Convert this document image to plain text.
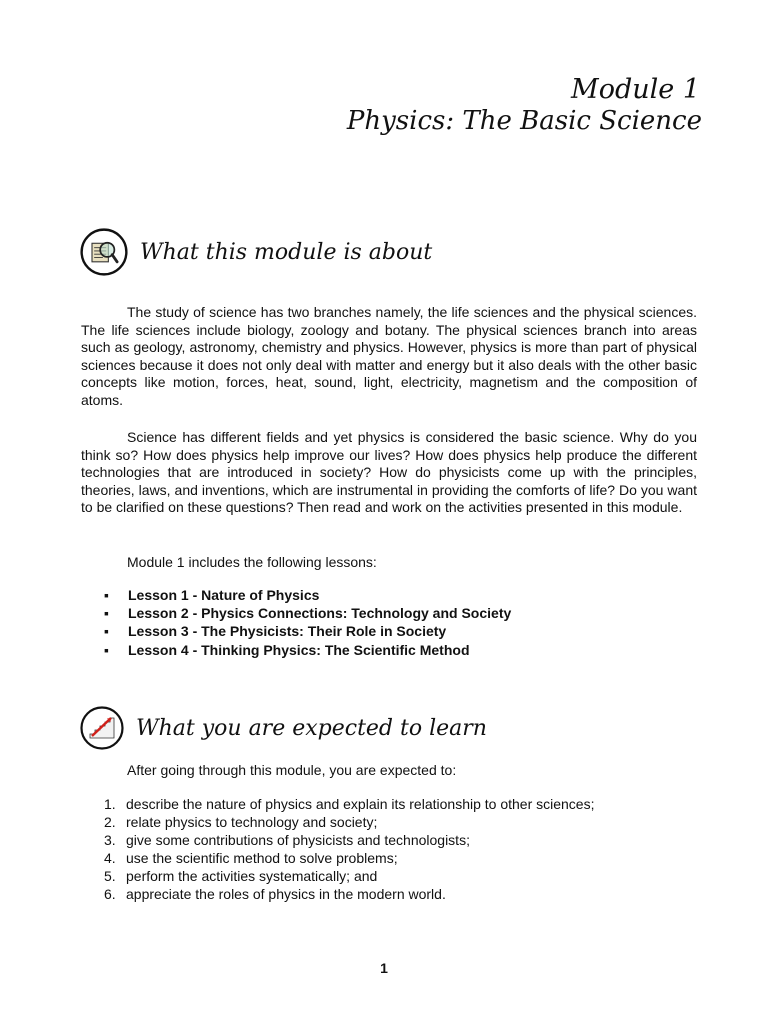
Module 1
Physics: The Basic Science
What this module is about

The study of science has two branches namely, the life sciences and the physical sciences. The life sciences include biology, zoology and botany. The physical sciences branch into areas such as geology, astronomy, chemistry and physics. However, physics is more than part of physical sciences because it does not only deal with matter and energy but it also deals with the other basic concepts like motion, forces, heat, sound, light, electricity, magnetism and the composition of atoms.

Science has different fields and yet physics is considered the basic science. Why do you think so? How does physics help improve our lives? How does physics help produce the different technologies that are introduced in society? How do physicists come up with the principles, theories, laws, and inventions, which are instrumental in providing the comforts of life? Do you want to be clarified on these questions? Then read and work on the activities presented in this module.

Module 1 includes the following lessons:

▪ Lesson 1 - Nature of Physics
▪ Lesson 2 - Physics Connections: Technology and Society
▪ Lesson 3 - The Physicists: Their Role in Society
▪ Lesson 4 - Thinking Physics: The Scientific Method
What you are expected to learn

After going through this module, you are expected to:

1. describe the nature of physics and explain its relationship to other sciences;
2. relate physics to technology and society;
3. give some contributions of physicists and technologists;
4. use the scientific method to solve problems;
5. perform the activities systematically; and
6. appreciate the roles of physics in the modern world.
1
